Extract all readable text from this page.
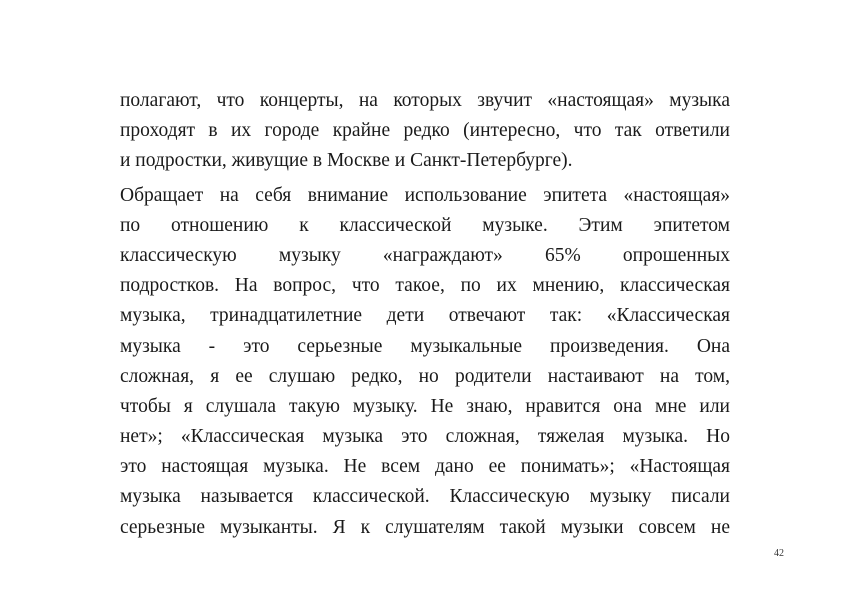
полагают, что концерты, на которых звучит «настоящая» музыка
проходят в их городе крайне редко (интересно, что так ответили
и подростки, живущие в Москве и Санкт-Петербурге).
Обращает на себя внимание использование эпитета «настоящая»
по отношению к классической музыке. Этим эпитетом
классическую музыку «награждают» 65% опрошенных
подростков. На вопрос, что такое, по их мнению, классическая
музыка, тринадцатилетние дети отвечают так: «Классическая
музыка - это серьезные музыкальные произведения. Она
сложная, я ее слушаю редко, но родители настаивают на том,
чтобы я слушала такую музыку. Не знаю, нравится она мне или
нет»; «Классическая музыка это сложная, тяжелая музыка. Но
это настоящая музыка. Не всем дано ее понимать»; «Настоящая
музыка называется классической. Классическую музыку писали
серьезные музыканты. Я к слушателям такой музыки совсем не
42
